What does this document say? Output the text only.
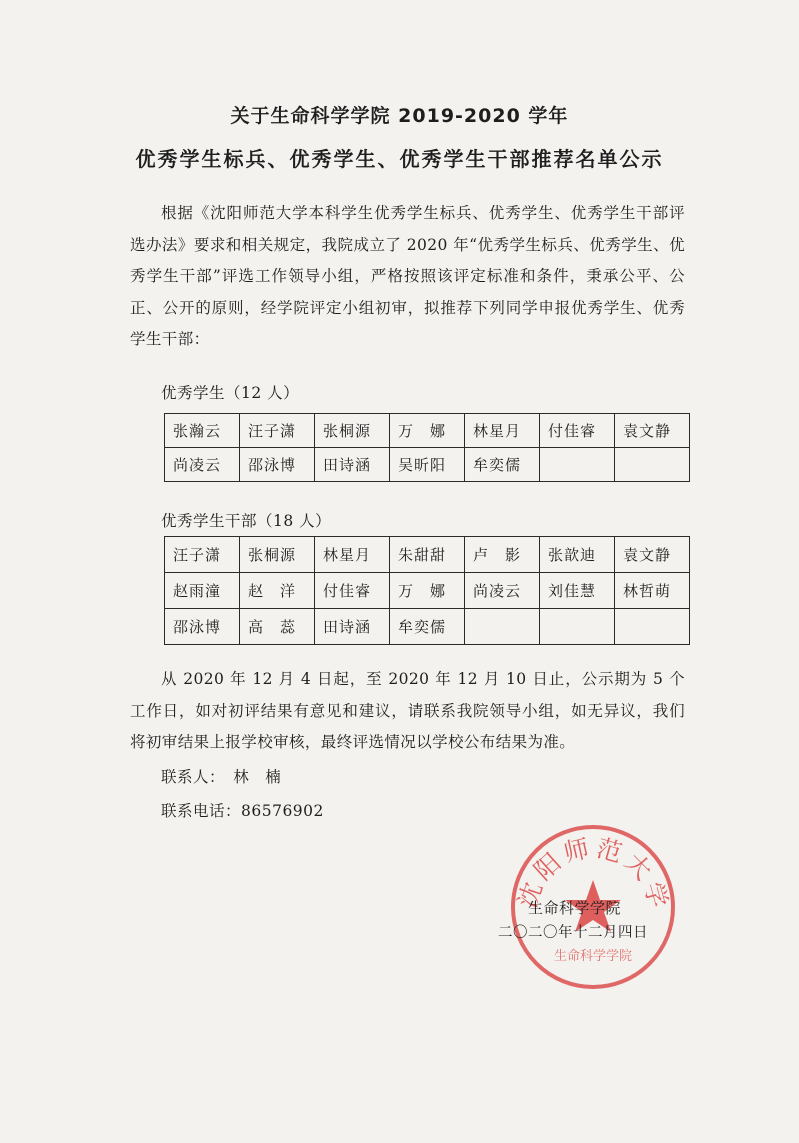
关于生命科学学院 2019-2020 学年
优秀学生标兵、优秀学生、优秀学生干部推荐名单公示

根据《沈阳师范大学本科学生优秀学生标兵、优秀学生、优秀学生干部评选办法》要求和相关规定，我院成立了 2020 年“优秀学生标兵、优秀学生、优秀学生干部”评选工作领导小组，严格按照该评定标准和条件，秉承公平、公正、公开的原则，经学院评定小组初审，拟推荐下列同学申报优秀学生、优秀学生干部：

优秀学生（12 人）
张瀚云	汪子潇	张桐源	万　娜	林星月	付佳睿	袁文静
尚凌云	邵泳博	田诗涵	吴昕阳	牟奕儒		
优秀学生干部（18 人）
汪子潇	张桐源	林星月	朱甜甜	卢　影	张歆迪	袁文静
赵雨潼	赵　洋	付佳睿	万　娜	尚凌云	刘佳慧	林哲萌
邵泳博	高　蕊	田诗涵	牟奕儒			

从 2020 年 12 月 4 日起，至 2020 年 12 月 10 日止，公示期为 5 个工作日，如对初评结果有意见和建议，请联系我院领导小组，如无异议，我们将初审结果上报学校审核，最终评选情况以学校公布结果为准。

联系人：　林　楠
联系电话：86576902
沈阳师范大学
生命科学学院
生命科学学院
二〇二〇年十二月四日
